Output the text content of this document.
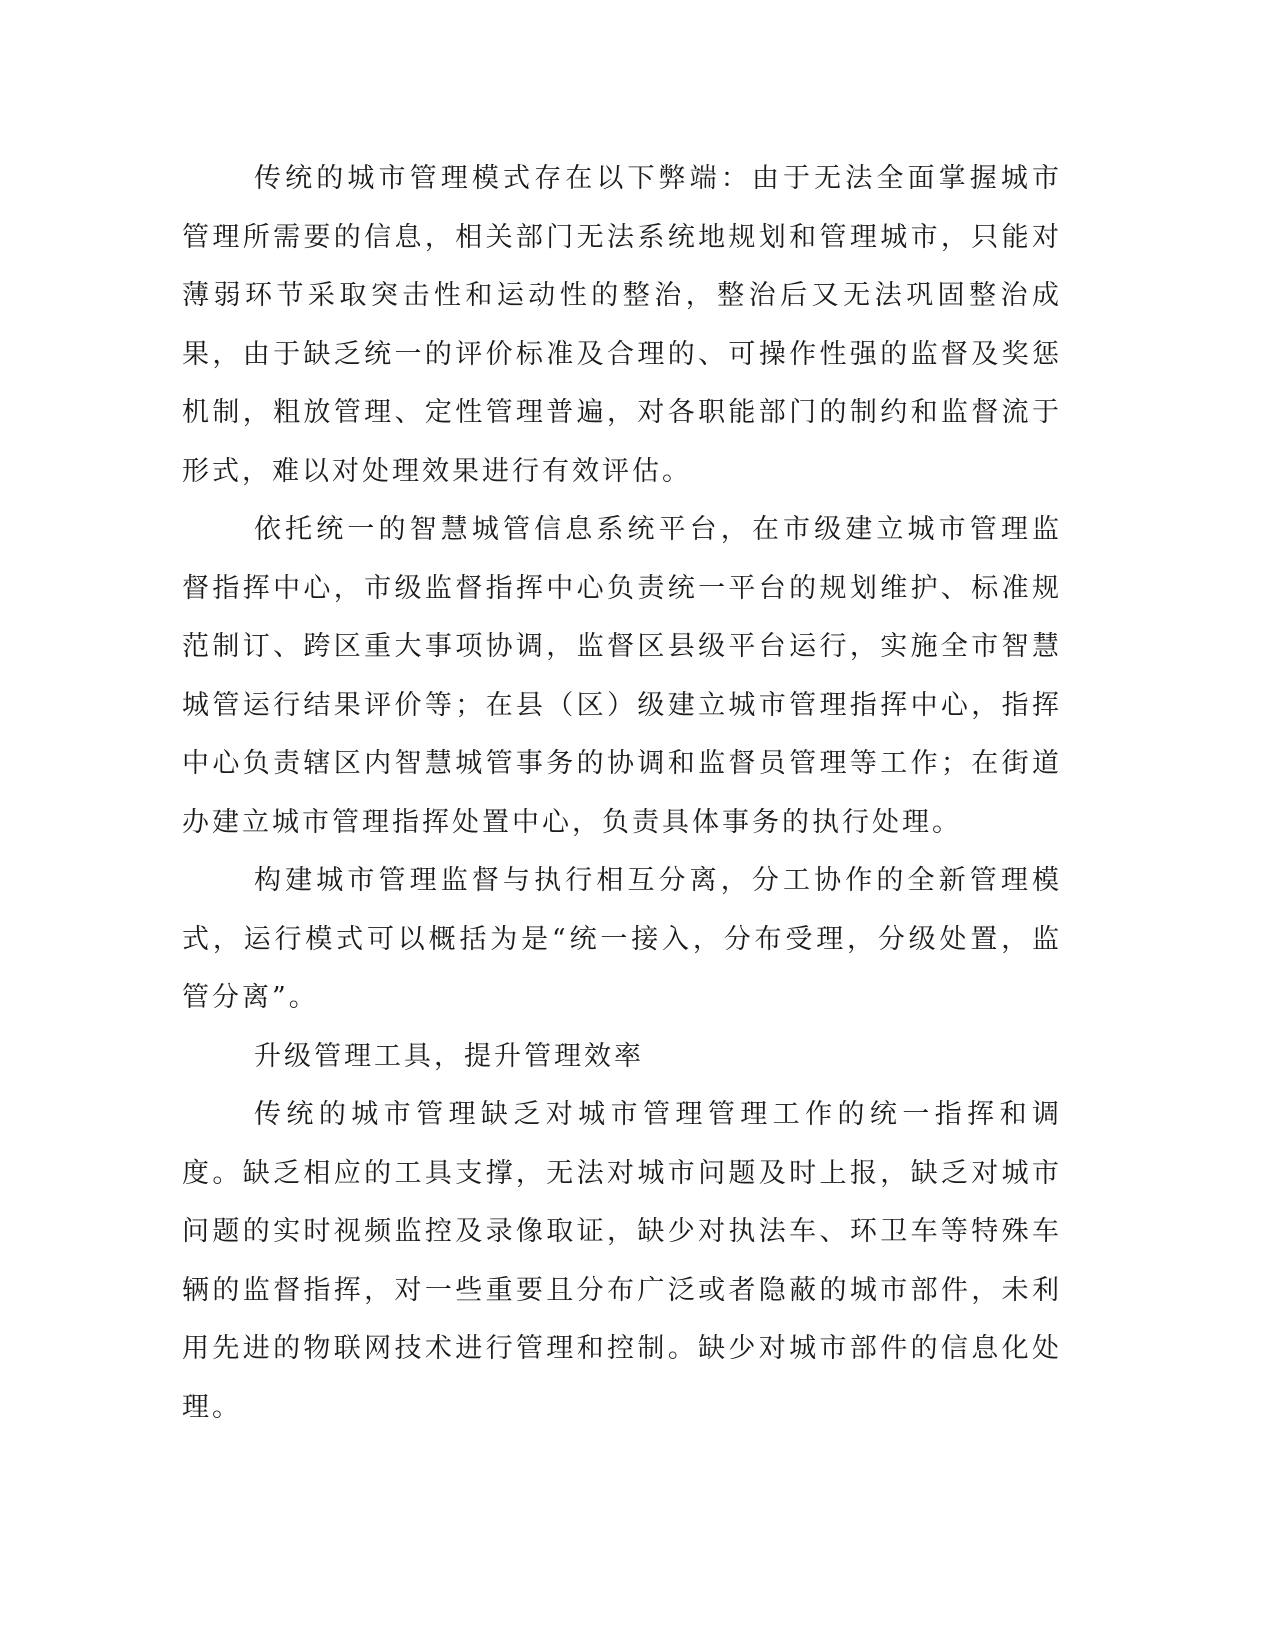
传统的城市管理模式存在以下弊端：由于无法全面掌握城市管理所需要的信息，相关部门无法系统地规划和管理城市，只能对薄弱环节采取突击性和运动性的整治，整治后又无法巩固整治成果，由于缺乏统一的评价标准及合理的、可操作性强的监督及奖惩机制，粗放管理、定性管理普遍，对各职能部门的制约和监督流于形式，难以对处理效果进行有效评估。

依托统一的智慧城管信息系统平台，在市级建立城市管理监督指挥中心，市级监督指挥中心负责统一平台的规划维护、标准规范制订、跨区重大事项协调，监督区县级平台运行，实施全市智慧城管运行结果评价等；在县（区）级建立城市管理指挥中心，指挥中心负责辖区内智慧城管事务的协调和监督员管理等工作；在街道办建立城市管理指挥处置中心，负责具体事务的执行处理。

构建城市管理监督与执行相互分离，分工协作的全新管理模式，运行模式可以概括为是“统一接入，分布受理，分级处置，监管分离”。

升级管理工具，提升管理效率

传统的城市管理缺乏对城市管理管理工作的统一指挥和调度。缺乏相应的工具支撑，无法对城市问题及时上报，缺乏对城市问题的实时视频监控及录像取证，缺少对执法车、环卫车等特殊车辆的监督指挥，对一些重要且分布广泛或者隐蔽的城市部件，未利用先进的物联网技术进行管理和控制。缺少对城市部件的信息化处理。
